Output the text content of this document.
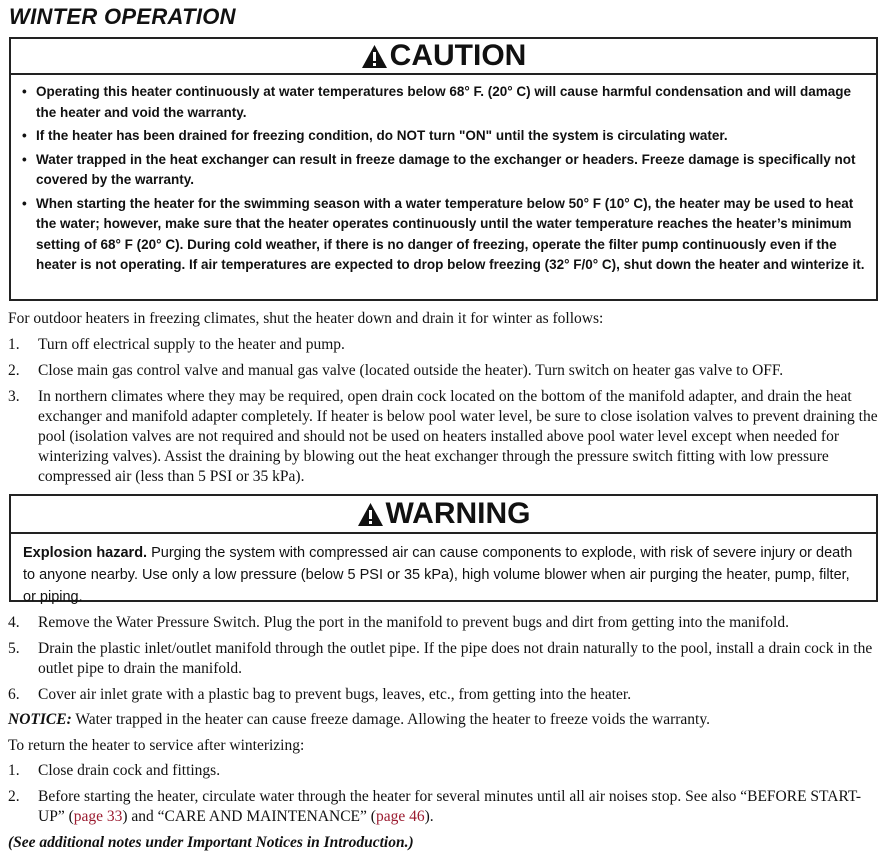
WINTER OPERATION
CAUTION
• Operating this heater continuously at water temperatures below 68° F. (20° C) will cause harmful condensation and will damage the heater and void the warranty.
• If the heater has been drained for freezing condition, do NOT turn "ON" until the system is circulating water.
• Water trapped in the heat exchanger can result in freeze damage to the exchanger or headers. Freeze damage is specifically not covered by the warranty.
• When starting the heater for the swimming season with a water temperature below 50° F (10° C), the heater may be used to heat the water; however, make sure that the heater operates continuously until the water temperature reaches the heater’s minimum setting of 68° F (20° C). During cold weather, if there is no danger of freezing, operate the filter pump continuously even if the heater is not operating. If air temperatures are expected to drop below freezing (32° F/0° C), shut down the heater and winterize it.
For outdoor heaters in freezing climates, shut the heater down and drain it for winter as follows:
1. Turn off electrical supply to the heater and pump.
2. Close main gas control valve and manual gas valve (located outside the heater). Turn switch on heater gas valve to OFF.
3. In northern climates where they may be required, open drain cock located on the bottom of the manifold adapter, and drain the heat exchanger and manifold adapter completely. If heater is below pool water level, be sure to close isolation valves to prevent draining the pool (isolation valves are not required and should not be used on heaters installed above pool water level except when needed for winterizing valves). Assist the draining by blowing out the heat exchanger through the pressure switch fitting with low pressure compressed air (less than 5 PSI or 35 kPa).
WARNING
Explosion hazard. Purging the system with compressed air can cause components to explode, with risk of severe injury or death to anyone nearby. Use only a low pressure (below 5 PSI or 35 kPa), high volume blower when air purging the heater, pump, filter, or piping.
4. Remove the Water Pressure Switch. Plug the port in the manifold to prevent bugs and dirt from getting into the manifold.
5. Drain the plastic inlet/outlet manifold through the outlet pipe. If the pipe does not drain naturally to the pool, install a drain cock in the outlet pipe to drain the manifold.
6. Cover air inlet grate with a plastic bag to prevent bugs, leaves, etc., from getting into the heater.
NOTICE: Water trapped in the heater can cause freeze damage. Allowing the heater to freeze voids the warranty.
To return the heater to service after winterizing:
1. Close drain cock and fittings.
2. Before starting the heater, circulate water through the heater for several minutes until all air noises stop. See also “BEFORE START-UP” (page 33) and “CARE AND MAINTENANCE” (page 46).
(See additional notes under Important Notices in Introduction.)
